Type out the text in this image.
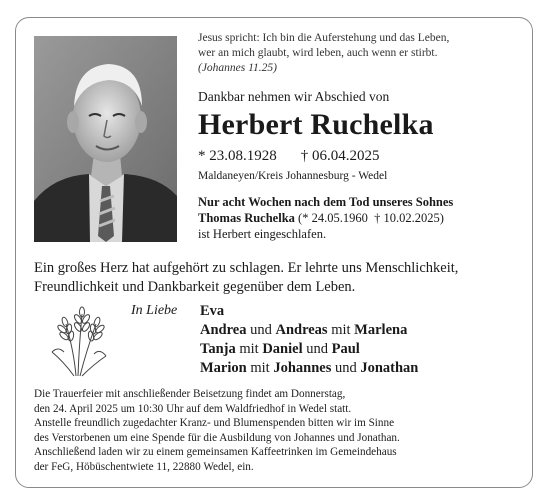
Jesus spricht: Ich bin die Auferstehung und das Leben,
wer an mich glaubt, wird leben, auch wenn er stirbt.
(Johannes 11.25)
Dankbar nehmen wir Abschied von
Herbert Ruchelka
* 23.08.1928 † 06.04.2025
Maldaneyen/Kreis Johannesburg - Wedel
Nur acht Wochen nach dem Tod unseres Sohnes
Thomas Ruchelka (* 24.05.1960 † 10.02.2025)
ist Herbert eingeschlafen.
Ein großes Herz hat aufgehört zu schlagen. Er lehrte uns Menschlichkeit,
Freundlichkeit und Dankbarkeit gegenüber dem Leben.
In Liebe Eva
Andrea und Andreas mit Marlena
Tanja mit Daniel und Paul
Marion mit Johannes und Jonathan
Die Trauerfeier mit anschließender Beisetzung findet am Donnerstag,
den 24. April 2025 um 10:30 Uhr auf dem Waldfriedhof in Wedel statt.
Anstelle freundlich zugedachter Kranz- und Blumenspenden bitten wir im Sinne
des Verstorbenen um eine Spende für die Ausbildung von Johannes und Jonathan.
Anschließend laden wir zu einem gemeinsamen Kaffeetrinken im Gemeindehaus
der FeG, Höbüschentwiete 11, 22880 Wedel, ein.
